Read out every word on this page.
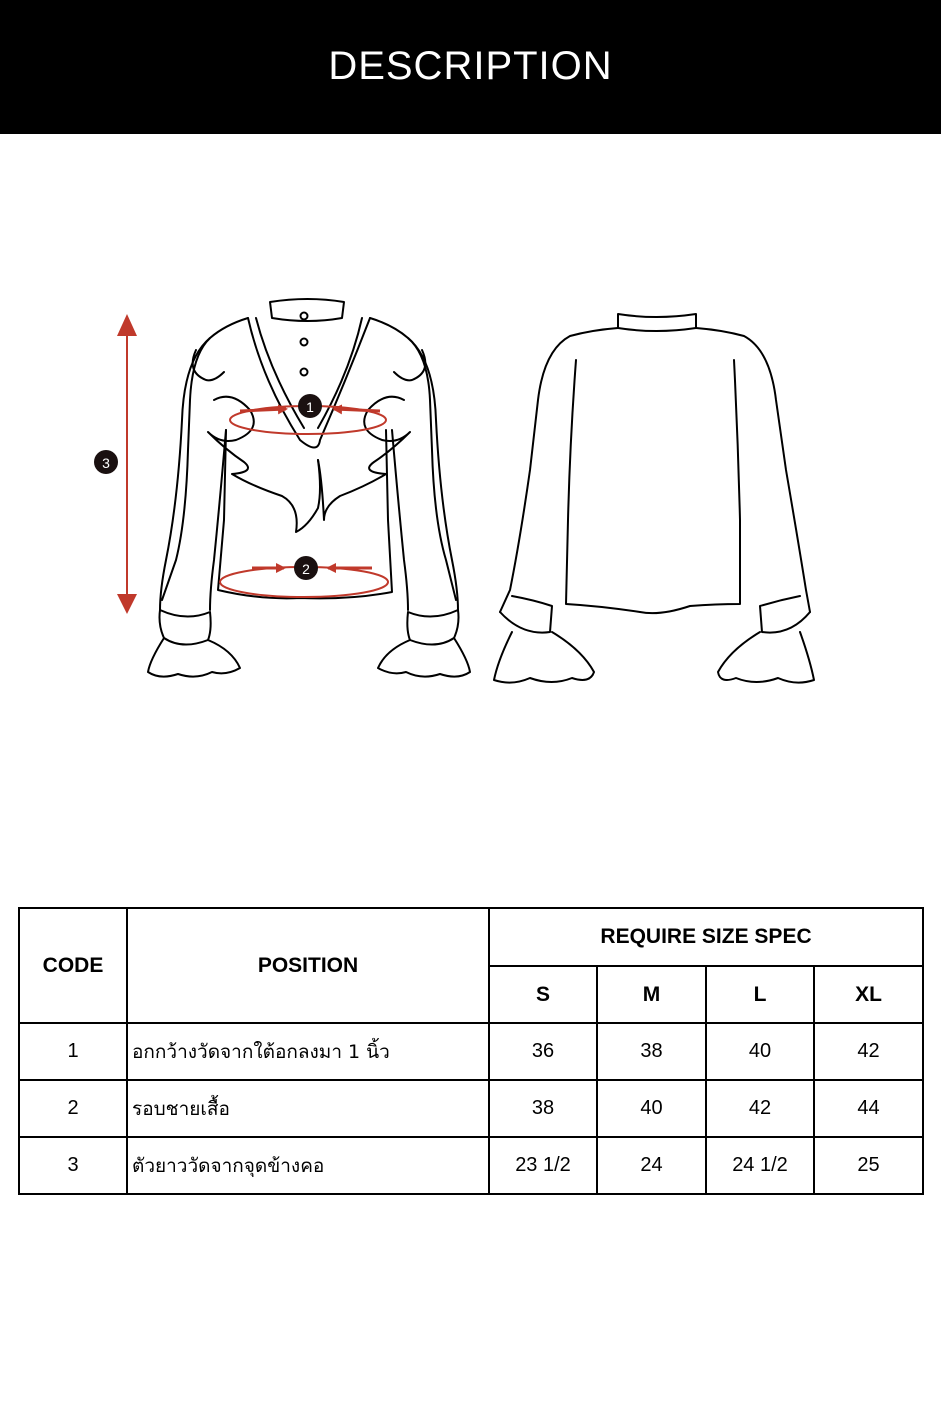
DESCRIPTION
1
2
3
CODE	POSITION	REQUIRE SIZE SPEC			
		S	M	L	XL
1	อกกว้างวัดจากใต้อกลงมา 1 นิ้ว	36	38	40	42
2	รอบชายเสื้อ	38	40	42	44
3	ตัวยาววัดจากจุดข้างคอ	23 1/2	24	24 1/2	25
